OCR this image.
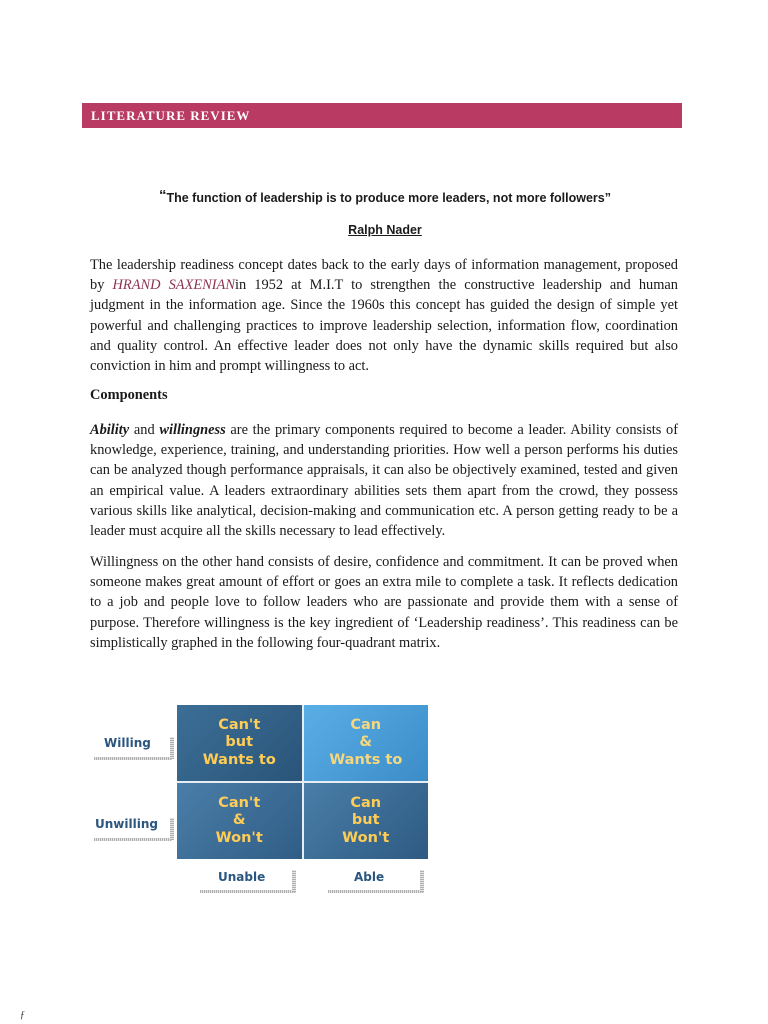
LITERATURE REVIEW
“The function of leadership is to produce more leaders, not more followers”
Ralph Nader

The leadership readiness concept dates back to the early days of information management, proposed by HRAND SAXENIANin 1952 at M.I.T to strengthen the constructive leadership and human judgment in the information age. Since the 1960s this concept has guided the design of simple yet powerful and challenging practices to improve leadership selection, information flow, coordination and quality control. An effective leader does not only have the dynamic skills required but also conviction in him and prompt willingness to act.

Components

Ability and willingness are the primary components required to become a leader. Ability consists of knowledge, experience, training, and understanding priorities. How well a person performs his duties can be analyzed though performance appraisals, it can also be objectively examined, tested and given an empirical value. A leaders extraordinary abilities sets them apart from the crowd, they possess various skills like analytical, decision-making and communication etc. A person getting ready to be a leader must acquire all the skills necessary to lead effectively.

Willingness on the other hand consists of desire, confidence and commitment. It can be proved when someone makes great amount of effort or goes an extra mile to complete a task. It reflects dedication to a job and people love to follow leaders who are passionate and provide them with a sense of purpose. Therefore willingness is the key ingredient of ‘Leadership readiness’. This readiness can be simplistically graphed in the following four-quadrant matrix.

Willing
Unwilling
Can't
but
Wants to
Can
&
Wants to
Can't
&
Won't
Can
but
Won't
Unable	Able
ƒ
